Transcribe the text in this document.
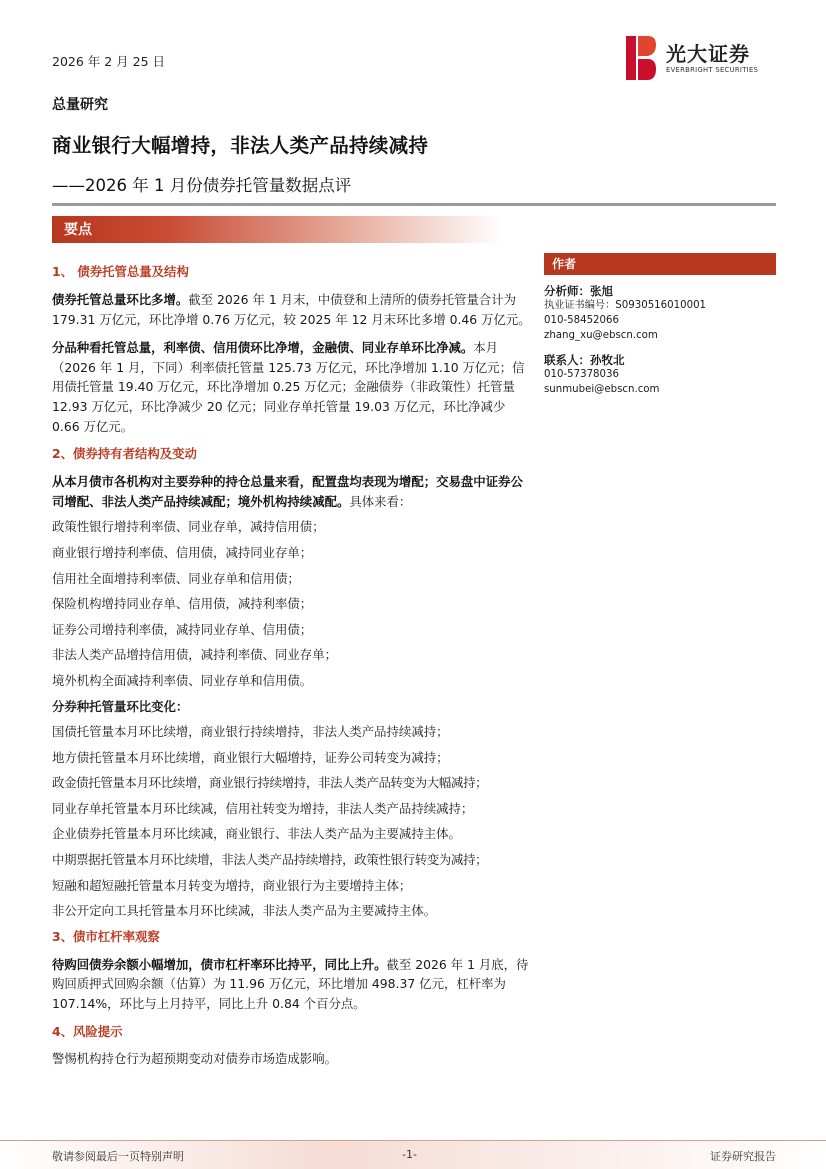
2026 年 2 月 25 日	光大证券
EVERBRIGHT SECURITIES
总量研究
商业银行大幅增持，非法人类产品持续减持
——2026 年 1 月份债券托管量数据点评
要点
1、 债券托管总量及结构

债券托管总量环比多增。截至 2026 年 1 月末，中债登和上清所的债券托管量合计为 179.31 万亿元，环比净增 0.76 万亿元，较 2025 年 12 月末环比多增 0.46 万亿元。

分品种看托管总量，利率债、信用债环比净增，金融债、同业存单环比净减。本月（2026 年 1 月，下同）利率债托管量 125.73 万亿元，环比净增加 1.10 万亿元；信用债托管量 19.40 万亿元，环比净增加 0.25 万亿元；金融债券（非政策性）托管量 12.93 万亿元，环比净减少 20 亿元；同业存单托管量 19.03 万亿元，环比净减少 0.66 万亿元。

2、债券持有者结构及变动

从本月债市各机构对主要券种的持仓总量来看，配置盘均表现为增配；交易盘中证券公司增配、非法人类产品持续减配；境外机构持续减配。具体来看：

政策性银行增持利率债、同业存单，减持信用债；
商业银行增持利率债、信用债，减持同业存单；
信用社全面增持利率债、同业存单和信用债；
保险机构增持同业存单、信用债，减持利率债；
证券公司增持利率债，减持同业存单、信用债；
非法人类产品增持信用债，减持利率债、同业存单；
境外机构全面减持利率债、同业存单和信用债。
分券种托管量环比变化：
国债托管量本月环比续增，商业银行持续增持，非法人类产品持续减持；
地方债托管量本月环比续增，商业银行大幅增持，证券公司转变为减持；
政金债托管量本月环比续增，商业银行持续增持，非法人类产品转变为大幅减持；
同业存单托管量本月环比续减，信用社转变为增持，非法人类产品持续减持；
企业债券托管量本月环比续减，商业银行、非法人类产品为主要减持主体。
中期票据托管量本月环比续增，非法人类产品持续增持，政策性银行转变为减持；
短融和超短融托管量本月转变为增持，商业银行为主要增持主体；
非公开定向工具托管量本月环比续减，非法人类产品为主要减持主体。
3、债市杠杆率观察

待购回债券余额小幅增加，债市杠杆率环比持平，同比上升。截至 2026 年 1 月底，待购回质押式回购余额（估算）为 11.96 万亿元，环比增加 498.37 亿元，杠杆率为 107.14%，环比与上月持平，同比上升 0.84 个百分点。

4、风险提示

警惕机构持仓行为超预期变动对债券市场造成影响。

作者
分析师：张旭
执业证书编号：S0930516010001
010-58452066
zhang_xu@ebscn.com
联系人：孙牧北
010-57378036
sunmubei@ebscn.com
敬请参阅最后一页特别声明	-1-	证券研究报告
